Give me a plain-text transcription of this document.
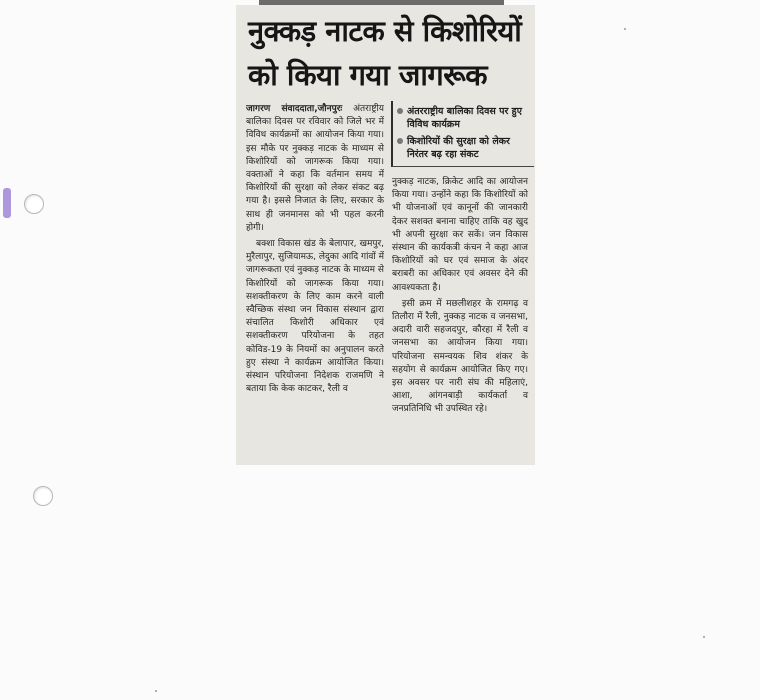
नुक्कड़ नाटक से किशोरियों
को किया गया जागरूक

जागरण संवाददाता,जौनपुरः अंतराष्ट्रीय बालिका दिवस पर रविवार को जिले भर में विविध कार्यक्रमों का आयोजन किया गया। इस मौके पर नुक्कड़ नाटक के माध्यम से किशोरियों को जागरूक किया गया। वक्ताओं ने कहा कि वर्तमान समय में किशोरियों की सुरक्षा को लेकर संकट बढ़ गया है। इससे निजात के लिए, सरकार के साथ ही जनमानस को भी पहल करनी होगी।

बक्शा विकास खंड के बेलापार, खमपुर, मुरैलापुर, सुजियामऊ, लेदुका आदि गांवों में जागरूकता एवं नुक्कड़ नाटक के माध्यम से किशोरियों को जागरूक किया गया। सशक्तीकरण के लिए काम करने वाली स्वैच्छिक संस्था जन विकास संस्थान द्वारा संचालित किशोरी अधिकार एवं सशक्तीकरण परियोजना के तहत कोविड-19 के नियमों का अनुपालन करते हुए संस्था ने कार्यक्रम आयोजित किया। संस्थान परियोजना निदेशक राजमणि ने बताया कि केक काटकर, रैली व

अंतरराष्ट्रीय बालिका दिवस पर हुए विविध कार्यक्रम
किशोरियों की सुरक्षा को लेकर निरंतर बढ़ रहा संकट

नुक्कड़ नाटक, क्रिकेट आदि का आयोजन किया गया। उन्होंने कहा कि किशोरियों को भी योजनाओं एवं कानूनों की जानकारी देकर सशक्त बनाना चाहिए ताकि वह खुद भी अपनी सुरक्षा कर सकें। जन विकास संस्थान की कार्यकत्री कंचन ने कहा आज किशोरियों को घर एवं समाज के अंदर बराबरी का अधिकार एवं अवसर देने की आवश्यकता है।

इसी क्रम में मछलीशहर के रामगढ़ व तिलौरा में रैली, नुक्कड़ नाटक व जनसभा, अदारी वारी सहजदपुर, कौरहा में रैली व जनसभा का आयोजन किया गया। परियोजना समन्वयक शिव शंकर के सहयोग से कार्यक्रम आयोजित किए गए। इस अवसर पर नारी संघ की महिलाएं, आशा, आंगनबाड़ी कार्यकर्ता व जनप्रतिनिधि भी उपस्थित रहे।
